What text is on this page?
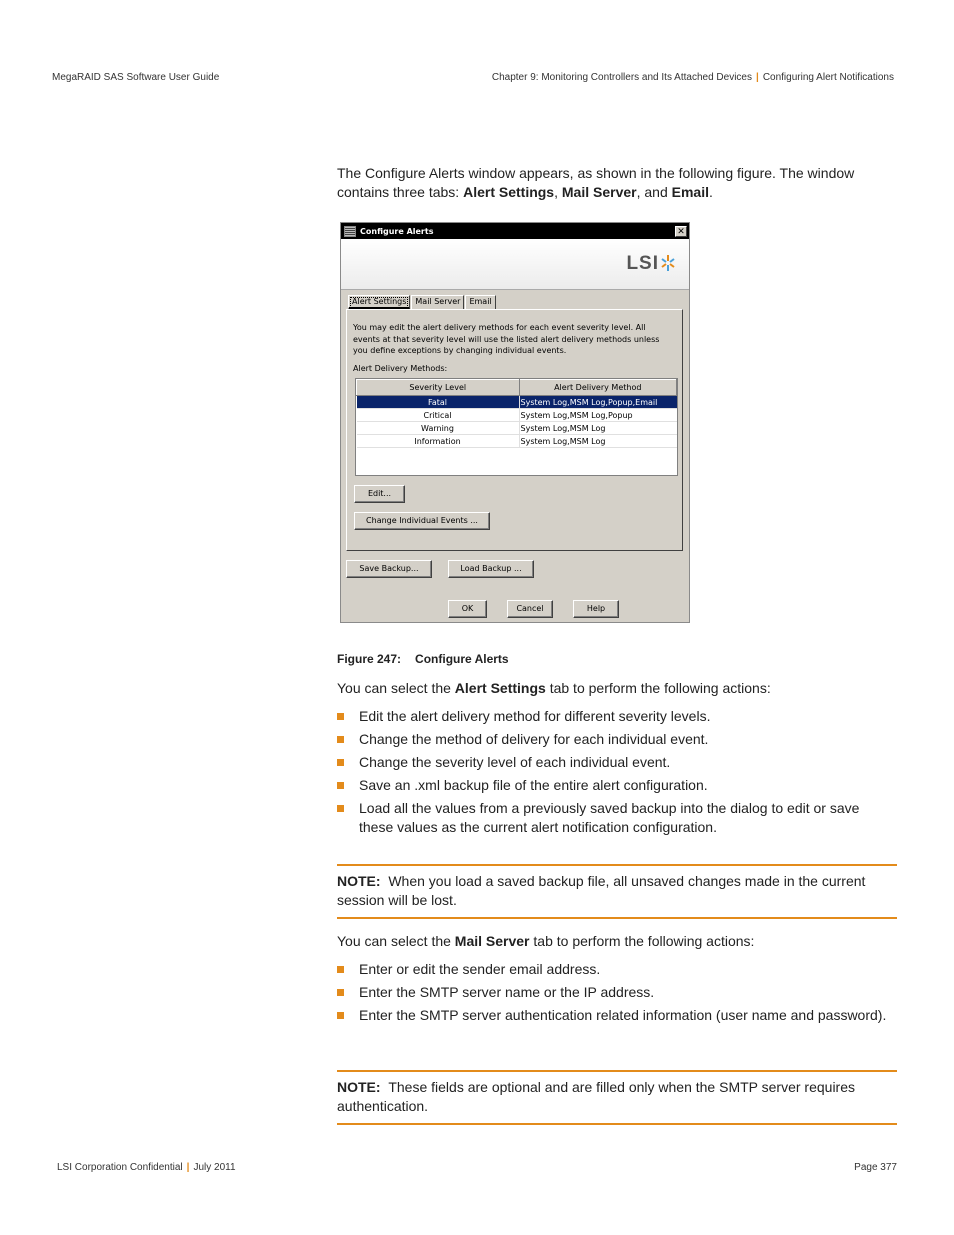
MegaRAID SAS Software User Guide	Chapter 9: Monitoring Controllers and Its Attached Devices | Configuring Alert Notifications
The Configure Alerts window appears, as shown in the following figure. The window contains three tabs: Alert Settings, Mail Server, and Email.
Configure Alerts	✕
LSI
Alert Settings	Mail Server	Email
You may edit the alert delivery methods for each event severity level. All events at that severity level will use the listed alert delivery methods unless you define exceptions by changing individual events.
Alert Delivery Methods:
Severity Level	Alert Delivery Method
Fatal	System Log,MSM Log,Popup,Email
Critical	System Log,MSM Log,Popup
Warning	System Log,MSM Log
Information	System Log,MSM Log
Edit...
Change Individual Events ...
Save Backup...	Load Backup ...
OK	Cancel	Help
Figure 247: Configure Alerts
You can select the Alert Settings tab to perform the following actions:
Edit the alert delivery method for different severity levels.
Change the method of delivery for each individual event.
Change the severity level of each individual event.
Save an .xml backup file of the entire alert configuration.
Load all the values from a previously saved backup into the dialog to edit or save these values as the current alert notification configuration.
NOTE: When you load a saved backup file, all unsaved changes made in the current session will be lost.
You can select the Mail Server tab to perform the following actions:
Enter or edit the sender email address.
Enter the SMTP server name or the IP address.
Enter the SMTP server authentication related information (user name and password).
NOTE: These fields are optional and are filled only when the SMTP server requires authentication.
LSI Corporation Confidential | July 2011	Page 377
